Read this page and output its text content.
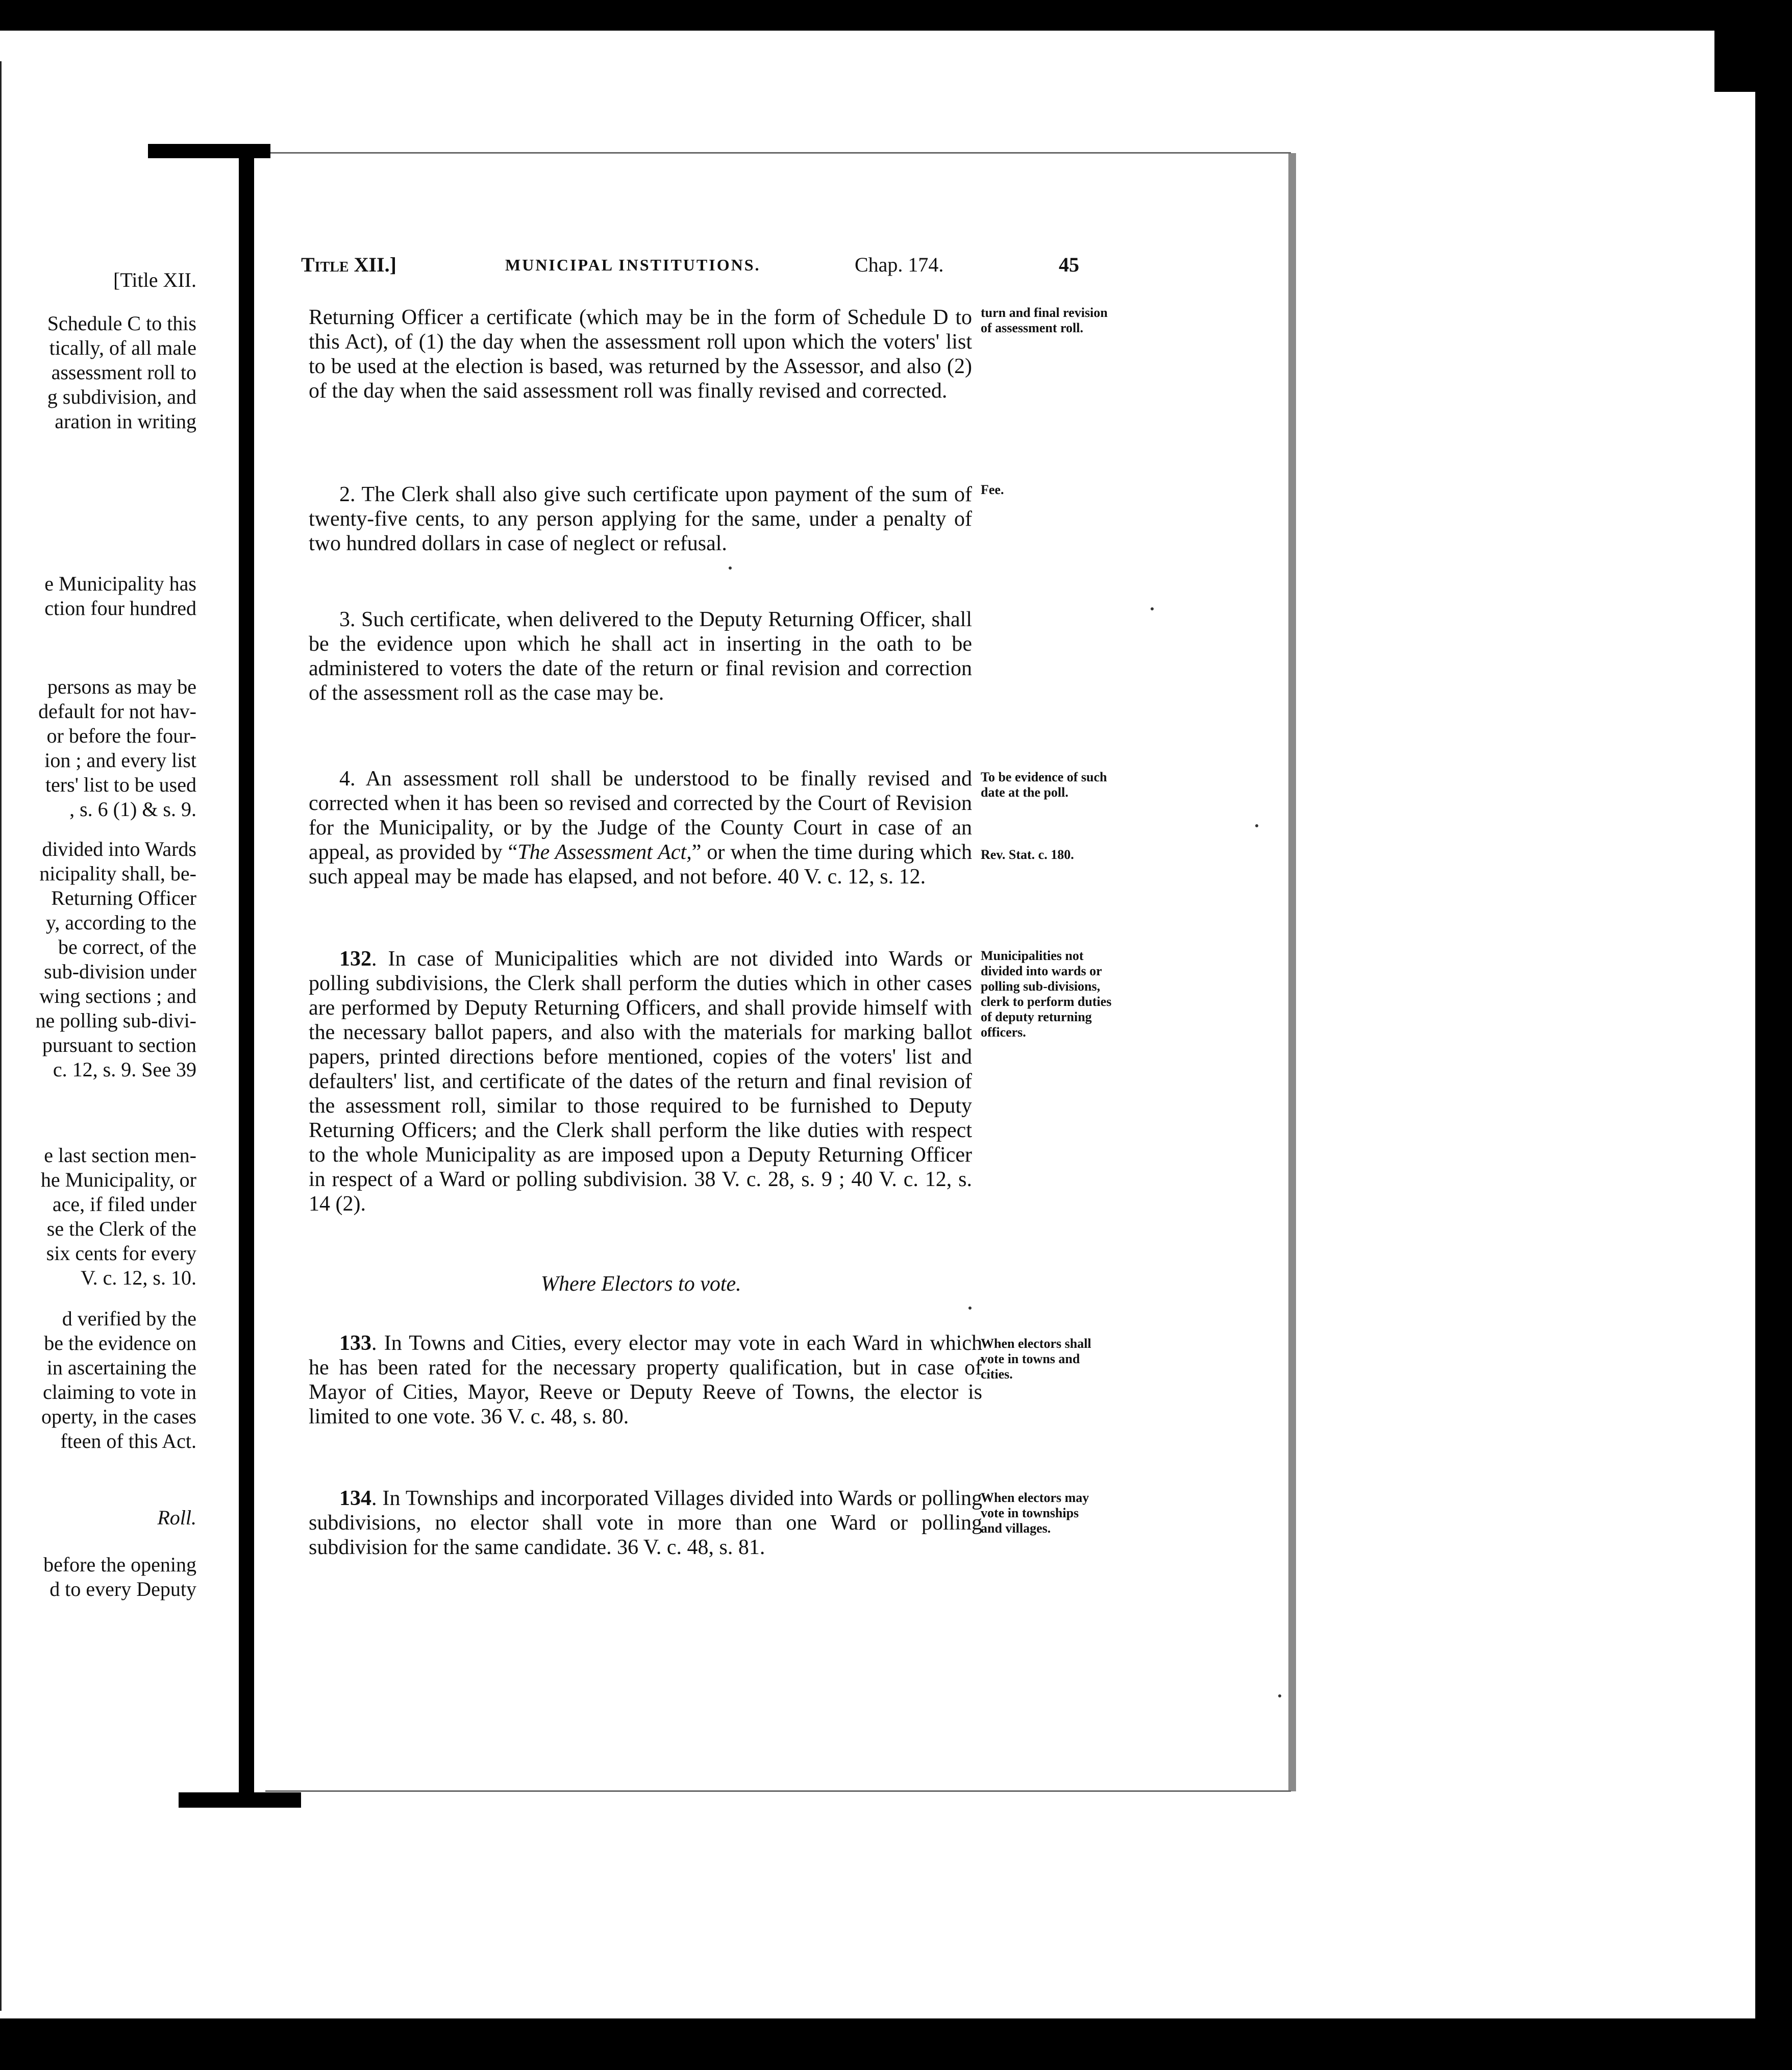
[Title XII.
Schedule C to this
tically, of all male
assessment roll to
g subdivision, and
aration in writing
e Municipality has
ction four hundred
persons as may be
default for not hav-
or before the four-
ion ; and every list
ters' list to be used
, s. 6 (1) & s. 9.
divided into Wards
nicipality shall, be-
Returning Officer
y, according to the
be correct, of the
sub-division under
wing sections ; and
ne polling sub-divi-
pursuant to section
c. 12, s. 9. See 39
e last section men-
he Municipality, or
ace, if filed under
se the Clerk of the
six cents for every
V. c. 12, s. 10.
d verified by the
be the evidence on
in ascertaining the
claiming to vote in
operty, in the cases
fteen of this Act.
Roll.
before the opening
d to every Deputy
Title XII.]	MUNICIPAL INSTITUTIONS.	Chap. 174.	45
Returning Officer a certificate (which may be in the form of Schedule D to this Act), of (1) the day when the assessment roll upon which the voters' list to be used at the election is based, was returned by the Assessor, and also (2) of the day when the said assessment roll was finally revised and corrected.
2. The Clerk shall also give such certificate upon payment of the sum of twenty-five cents, to any person applying for the same, under a penalty of two hundred dollars in case of neglect or refusal.
3. Such certificate, when delivered to the Deputy Returning Officer, shall be the evidence upon which he shall act in inserting in the oath to be administered to voters the date of the return or final revision and correction of the assessment roll as the case may be.
4. An assessment roll shall be understood to be finally revised and corrected when it has been so revised and corrected by the Court of Revision for the Municipality, or by the Judge of the County Court in case of an appeal, as provided by “The Assessment Act,” or when the time during which such appeal may be made has elapsed, and not before. 40 V. c. 12, s. 12.
132. In case of Municipalities which are not divided into Wards or polling subdivisions, the Clerk shall perform the duties which in other cases are performed by Deputy Returning Officers, and shall provide himself with the necessary ballot papers, and also with the materials for marking ballot papers, printed directions before mentioned, copies of the voters' list and defaulters' list, and certificate of the dates of the return and final revision of the assessment roll, similar to those required to be furnished to Deputy Returning Officers; and the Clerk shall perform the like duties with respect to the whole Municipality as are imposed upon a Deputy Returning Officer in respect of a Ward or polling subdivision. 38 V. c. 28, s. 9 ; 40 V. c. 12, s. 14 (2).
Where Electors to vote.
133. In Towns and Cities, every elector may vote in each Ward in which he has been rated for the necessary property qualification, but in case of Mayor of Cities, Mayor, Reeve or Deputy Reeve of Towns, the elector is limited to one vote. 36 V. c. 48, s. 80.
134. In Townships and incorporated Villages divided into Wards or polling subdivisions, no elector shall vote in more than one Ward or polling subdivision for the same candidate. 36 V. c. 48, s. 81.
turn and final revision of assessment roll.
Fee.
To be evidence of such date at the poll.
Rev. Stat. c. 180.
Municipalities not divided into wards or polling sub-divisions, clerk to perform duties of deputy returning officers.
When electors shall vote in towns and cities.
When electors may vote in townships and villages.
